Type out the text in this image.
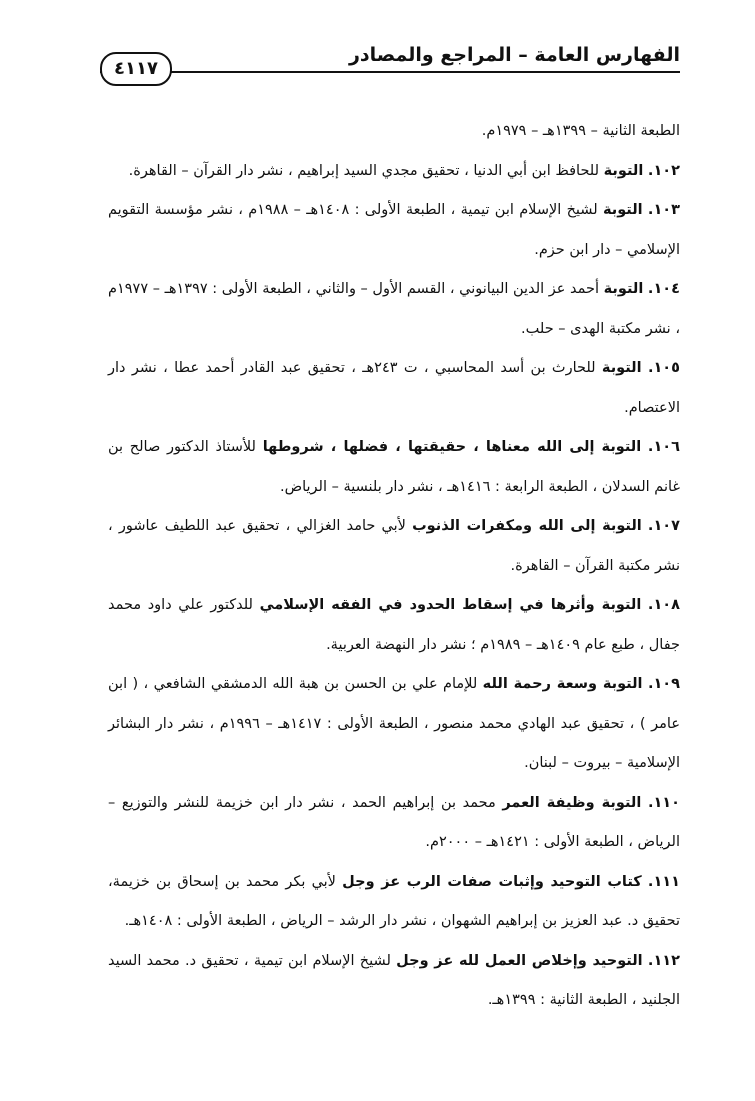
الفهارس العامة – المراجع والمصادر
٤١١٧

الطبعة الثانية – ١٣٩٩هـ – ١٩٧٩م.

١٠٢. التوبة للحافظ ابن أبي الدنيا ، تحقيق مجدي السيد إبراهيم ، نشر دار القرآن – القاهرة.

١٠٣. التوبة لشيخ الإسلام ابن تيمية ، الطبعة الأولى : ١٤٠٨هـ – ١٩٨٨م ، نشر مؤسسة التقويم الإسلامي – دار ابن حزم.

١٠٤. التوبة أحمد عز الدين البيانوني ، القسم الأول – والثاني ، الطبعة الأولى : ١٣٩٧هـ – ١٩٧٧م ، نشر مكتبة الهدى – حلب.

١٠٥. التوبة للحارث بن أسد المحاسبي ، ت ٢٤٣هـ ، تحقيق عبد القادر أحمد عطا ، نشر دار الاعتصام.

١٠٦. التوبة إلى الله معناها ، حقيقتها ، فضلها ، شروطها للأستاذ الدكتور صالح بن غانم السدلان ، الطبعة الرابعة : ١٤١٦هـ ، نشر دار بلنسية – الرياض.

١٠٧. التوبة إلى الله ومكفرات الذنوب لأبي حامد الغزالي ، تحقيق عبد اللطيف عاشور ، نشر مكتبة القرآن – القاهرة.

١٠٨. التوبة وأثرها في إسقاط الحدود في الفقه الإسلامي للدكتور علي داود محمد جفال ، طبع عام ١٤٠٩هـ – ١٩٨٩م ؛ نشر دار النهضة العربية.

١٠٩. التوبة وسعة رحمة الله للإمام علي بن الحسن بن هبة الله الدمشقي الشافعي ، ( ابن عامر ) ، تحقيق عبد الهادي محمد منصور ، الطبعة الأولى : ١٤١٧هـ – ١٩٩٦م ، نشر دار البشائر الإسلامية – بيروت – لبنان.

١١٠. التوبة وظيفة العمر محمد بن إبراهيم الحمد ، نشر دار ابن خزيمة للنشر والتوزيع – الرياض ، الطبعة الأولى : ١٤٢١هـ – ٢٠٠٠م.

١١١. كتاب التوحيد وإثبات صفات الرب عز وجل لأبي بكر محمد بن إسحاق بن خزيمة، تحقيق د. عبد العزيز بن إبراهيم الشهوان ، نشر دار الرشد – الرياض ، الطبعة الأولى : ١٤٠٨هـ.

١١٢. التوحيد وإخلاص العمل لله عز وجل لشيخ الإسلام ابن تيمية ، تحقيق د. محمد السيد الجلنيد ، الطبعة الثانية : ١٣٩٩هـ.
